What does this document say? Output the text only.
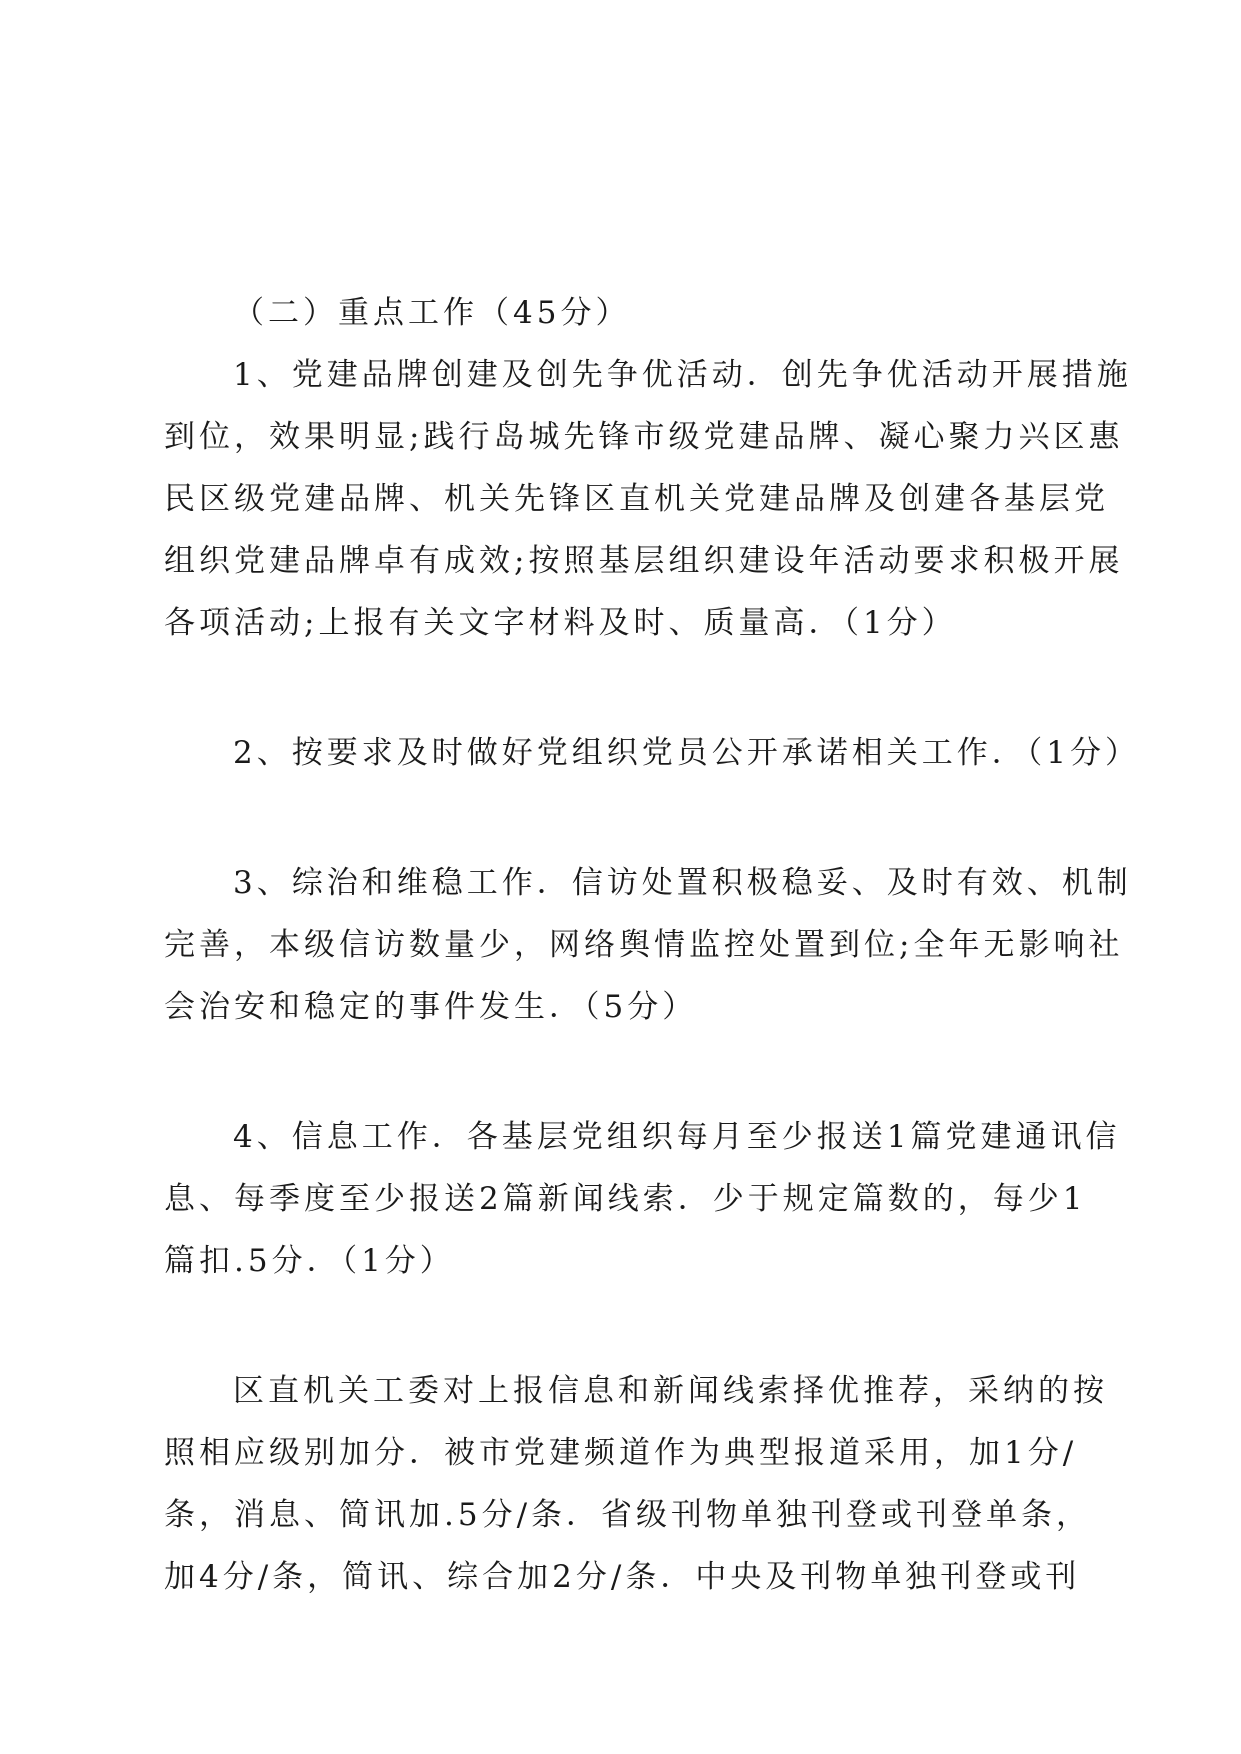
（二）重点工作（45分）
1、党建品牌创建及创先争优活动．创先争优活动开展措施
到位，效果明显;践行岛城先锋市级党建品牌、凝心聚力兴区惠
民区级党建品牌、机关先锋区直机关党建品牌及创建各基层党
组织党建品牌卓有成效;按照基层组织建设年活动要求积极开展
各项活动;上报有关文字材料及时、质量高．（1分）
2、按要求及时做好党组织党员公开承诺相关工作．（1分）
3、综治和维稳工作．信访处置积极稳妥、及时有效、机制
完善，本级信访数量少，网络舆情监控处置到位;全年无影响社
会治安和稳定的事件发生．（5分）
4、信息工作．各基层党组织每月至少报送1篇党建通讯信
息、每季度至少报送2篇新闻线索．少于规定篇数的，每少1
篇扣.5分．（1分）
区直机关工委对上报信息和新闻线索择优推荐，采纳的按
照相应级别加分．被市党建频道作为典型报道采用，加1分/
条，消息、简讯加.5分/条．省级刊物单独刊登或刊登单条，
加4分/条，简讯、综合加2分/条．中央及刊物单独刊登或刊
